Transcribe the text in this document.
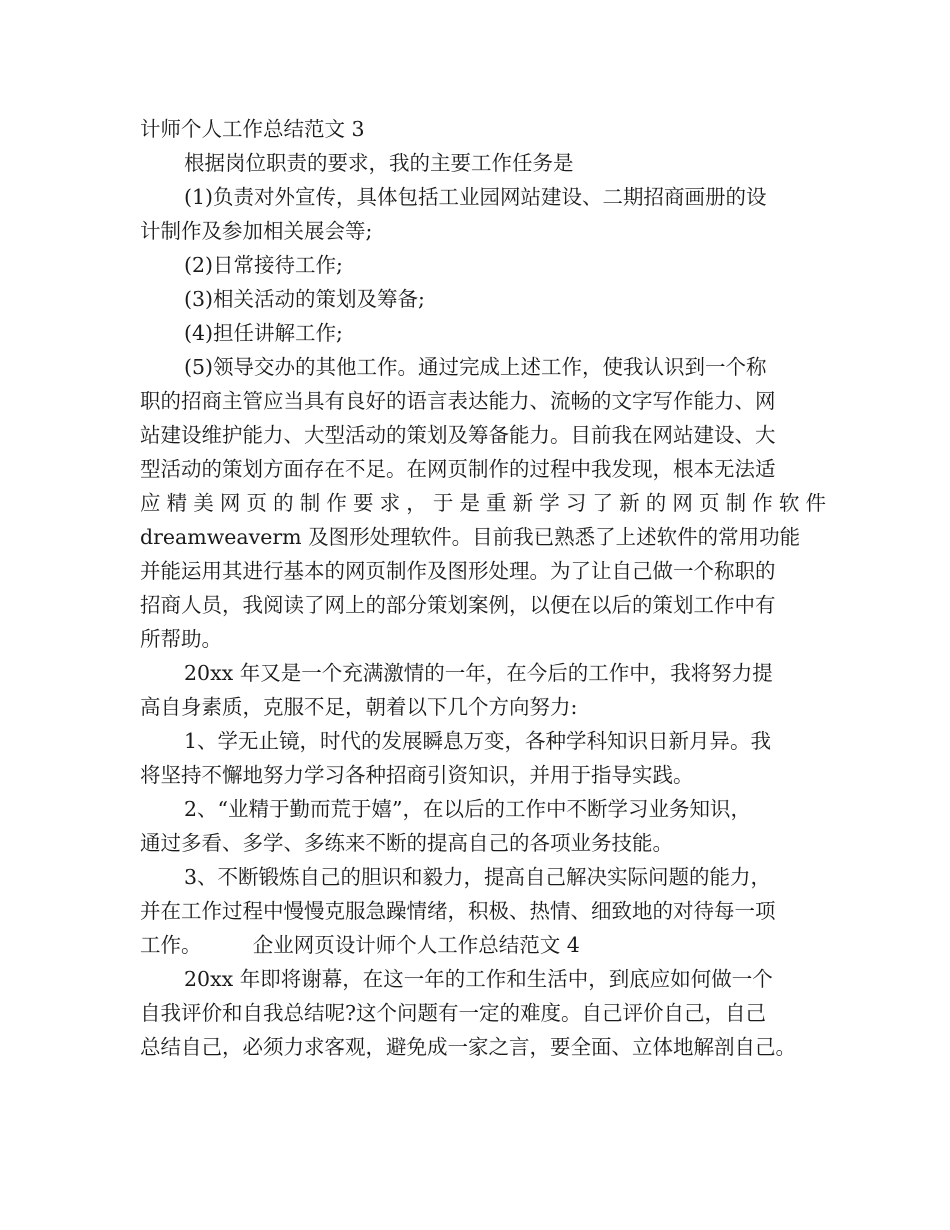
计师个人工作总结范文 3
根据岗位职责的要求，我的主要工作任务是
(1)负责对外宣传，具体包括工业园网站建设、二期招商画册的设
计制作及参加相关展会等;
(2)日常接待工作;
(3)相关活动的策划及筹备;
(4)担任讲解工作;
(5)领导交办的其他工作。通过完成上述工作，使我认识到一个称
职的招商主管应当具有良好的语言表达能力、流畅的文字写作能力、网
站建设维护能力、大型活动的策划及筹备能力。目前我在网站建设、大
型活动的策划方面存在不足。在网页制作的过程中我发现，根本无法适
应精美网页的制作要求，于是重新学习了新的网页制作软件
dreamweaverm 及图形处理软件。目前我已熟悉了上述软件的常用功能
并能运用其进行基本的网页制作及图形处理。为了让自己做一个称职的
招商人员，我阅读了网上的部分策划案例，以便在以后的策划工作中有
所帮助。
20xx 年又是一个充满激情的一年，在今后的工作中，我将努力提
高自身素质，克服不足，朝着以下几个方向努力:
1、学无止镜，时代的发展瞬息万变，各种学科知识日新月异。我
将坚持不懈地努力学习各种招商引资知识，并用于指导实践。
2、“业精于勤而荒于嬉”，在以后的工作中不断学习业务知识，
通过多看、多学、多练来不断的提高自己的各项业务技能。
3、不断锻炼自己的胆识和毅力，提高自己解决实际问题的能力，
并在工作过程中慢慢克服急躁情绪，积极、热情、细致地的对待每一项
工作。　　　企业网页设计师个人工作总结范文 4
20xx 年即将谢幕，在这一年的工作和生活中，到底应如何做一个
自我评价和自我总结呢?这个问题有一定的难度。自己评价自己，自己
总结自己，必须力求客观，避免成一家之言，要全面、立体地解剖自己。
